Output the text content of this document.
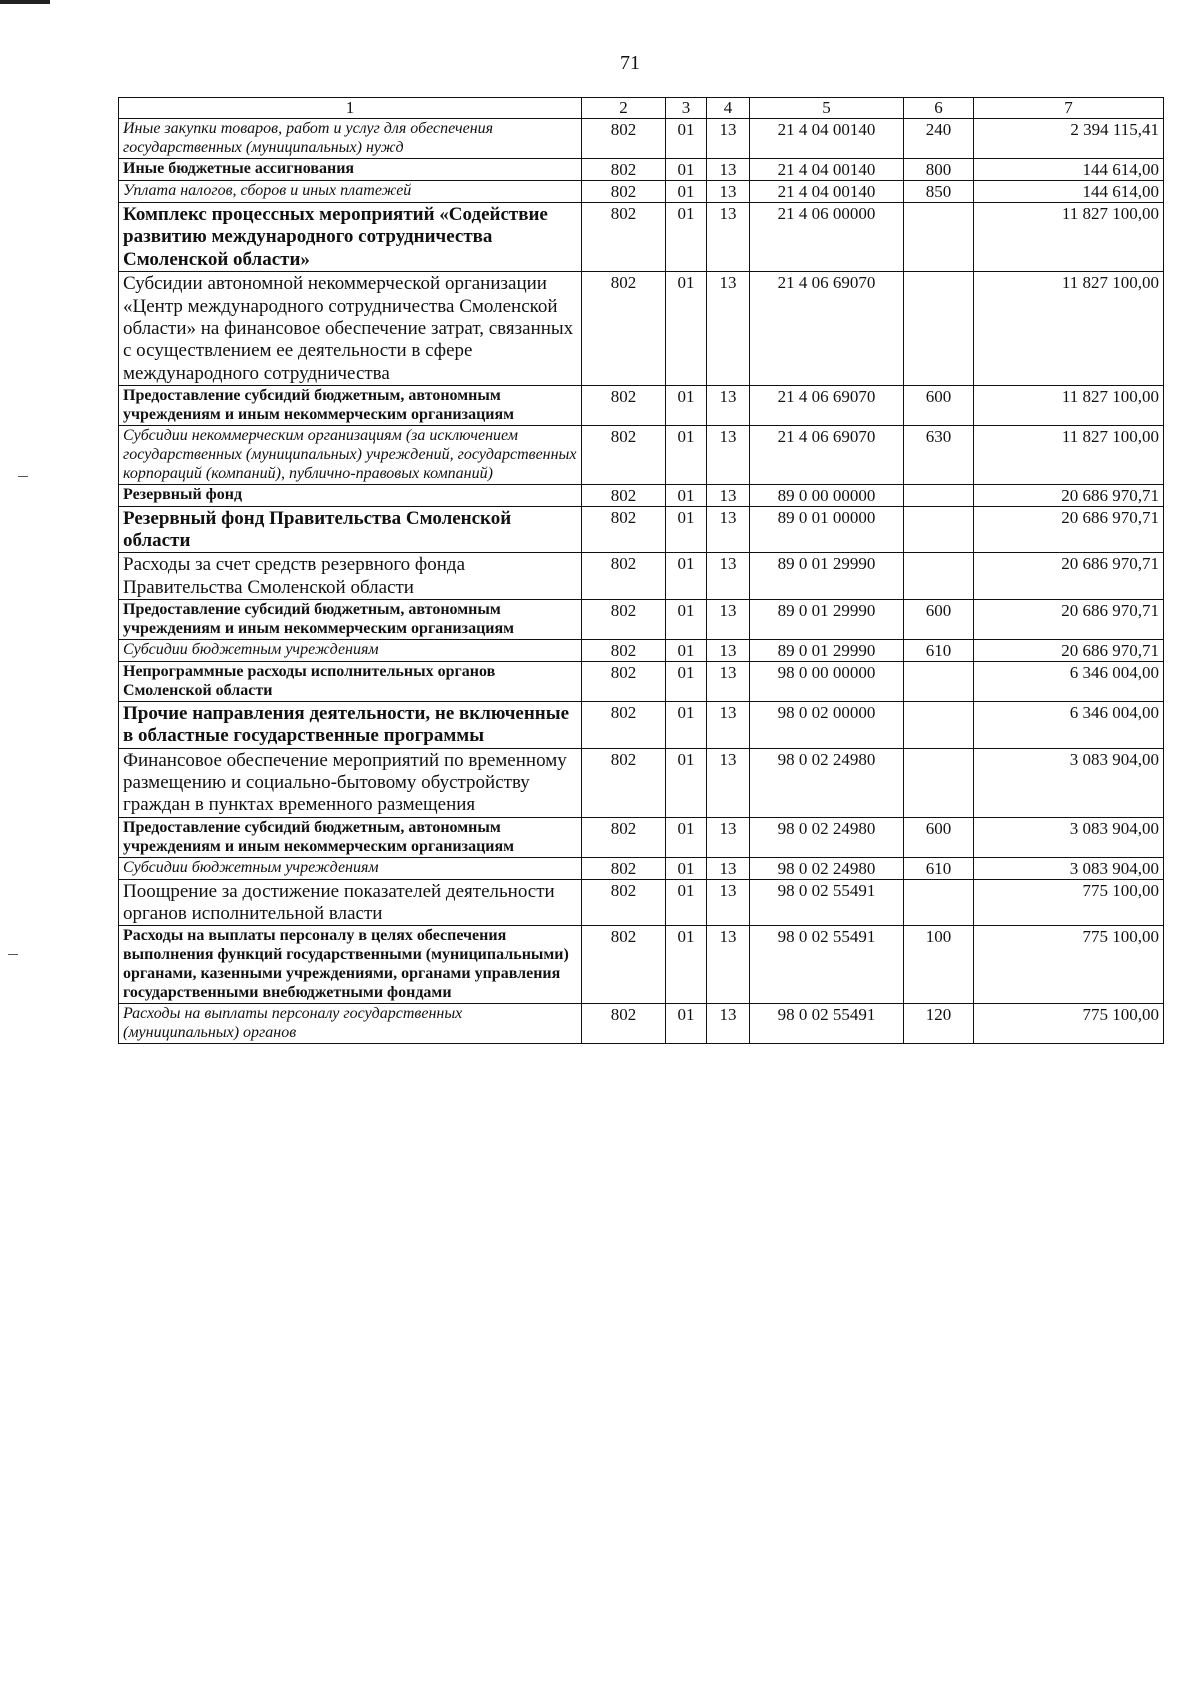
71
1	2	3	4	5	6	7
Иные закупки товаров, работ и услуг для обеспечения государственных (муниципальных) нужд	802	01	13	21 4 04 00140	240	2 394 115,41
Иные бюджетные ассигнования	802	01	13	21 4 04 00140	800	144 614,00
Уплата налогов, сборов и иных платежей	802	01	13	21 4 04 00140	850	144 614,00
Комплекс процессных мероприятий «Содействие развитию международного сотрудничества Смоленской области»	802	01	13	21 4 06 00000		11 827 100,00
Субсидии автономной некоммерческой организации «Центр международного сотрудничества Смоленской области» на финансовое обеспечение затрат, связанных с осуществлением ее деятельности в сфере международного сотрудничества	802	01	13	21 4 06 69070		11 827 100,00
Предоставление субсидий бюджетным, автономным учреждениям и иным некоммерческим организациям	802	01	13	21 4 06 69070	600	11 827 100,00
Субсидии некоммерческим организациям (за исключением государственных (муниципальных) учреждений, государственных корпораций (компаний), публично-правовых компаний)	802	01	13	21 4 06 69070	630	11 827 100,00
Резервный фонд	802	01	13	89 0 00 00000		20 686 970,71
Резервный фонд Правительства Смоленской области	802	01	13	89 0 01 00000		20 686 970,71
Расходы за счет средств резервного фонда Правительства Смоленской области	802	01	13	89 0 01 29990		20 686 970,71
Предоставление субсидий бюджетным, автономным учреждениям и иным некоммерческим организациям	802	01	13	89 0 01 29990	600	20 686 970,71
Субсидии бюджетным учреждениям	802	01	13	89 0 01 29990	610	20 686 970,71
Непрограммные расходы исполнительных органов Смоленской области	802	01	13	98 0 00 00000		6 346 004,00
Прочие направления деятельности, не включенные в областные государственные программы	802	01	13	98 0 02 00000		6 346 004,00
Финансовое обеспечение мероприятий по временному размещению и социально-бытовому обустройству граждан в пунктах временного размещения	802	01	13	98 0 02 24980		3 083 904,00
Предоставление субсидий бюджетным, автономным учреждениям и иным некоммерческим организациям	802	01	13	98 0 02 24980	600	3 083 904,00
Субсидии бюджетным учреждениям	802	01	13	98 0 02 24980	610	3 083 904,00
Поощрение за достижение показателей деятельности органов исполнительной власти	802	01	13	98 0 02 55491		775 100,00
Расходы на выплаты персоналу в целях обеспечения выполнения функций государственными (муниципальными) органами, казенными учреждениями, органами управления государственными внебюджетными фондами	802	01	13	98 0 02 55491	100	775 100,00
Расходы на выплаты персоналу государственных (муниципальных) органов	802	01	13	98 0 02 55491	120	775 100,00
